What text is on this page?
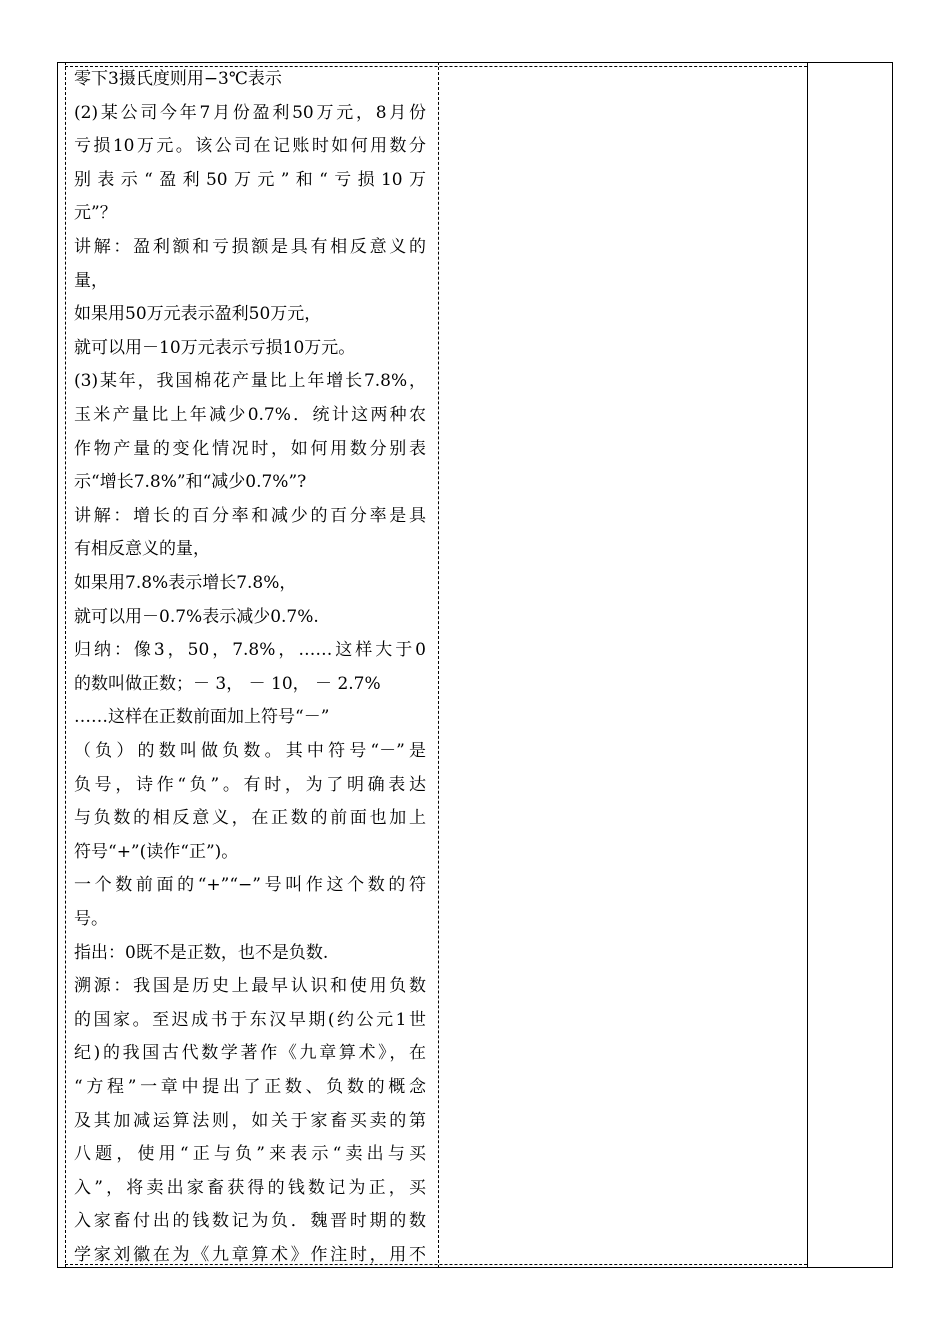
零下3摄氏度则用−3℃表示
(2)某公司今年7月份盈利50万元，8月份
亏损10万元。该公司在记账时如何用数分
别表示“盈利50万元”和“亏损10万
元”？
讲解：盈利额和亏损额是具有相反意义的
量，
如果用50万元表示盈利50万元，
就可以用－10万元表示亏损10万元。
(3)某年，我国棉花产量比上年增长7.8%，
玉米产量比上年减少0.7%．统计这两种农
作物产量的变化情况时，如何用数分别表
示“增长7.8%”和“减少0.7%”?
讲解：增长的百分率和减少的百分率是具
有相反意义的量，
如果用7.8%表示增长7.8%，
就可以用－0.7%表示减少0.7%.
归纳：像3，50，7.8%，……这样大于0
的数叫做正数；－ 3， － 10， － 2.7%
……这样在正数前面加上符号“－”
（负）的数叫做负数。其中符号“－”是
负号，诗作“负”。有时，为了明确表达
与负数的相反意义，在正数的前面也加上
符号“+”(读作“正”)。
一个数前面的“+”“−”号叫作这个数的符
号。
指出：0既不是正数，也不是负数.
溯源：我国是历史上最早认识和使用负数
的国家。至迟成书于东汉早期(约公元1世
纪)的我国古代数学著作《九章算术》，在
“方程”一章中提出了正数、负数的概念
及其加减运算法则，如关于家畜买卖的第
八题，使用“正与负”来表示“卖出与买
入”，将卖出家畜获得的钱数记为正，买
入家畜付出的钱数记为负．魏晋时期的数
学家刘徽在为《九章算术》作注时，用不
